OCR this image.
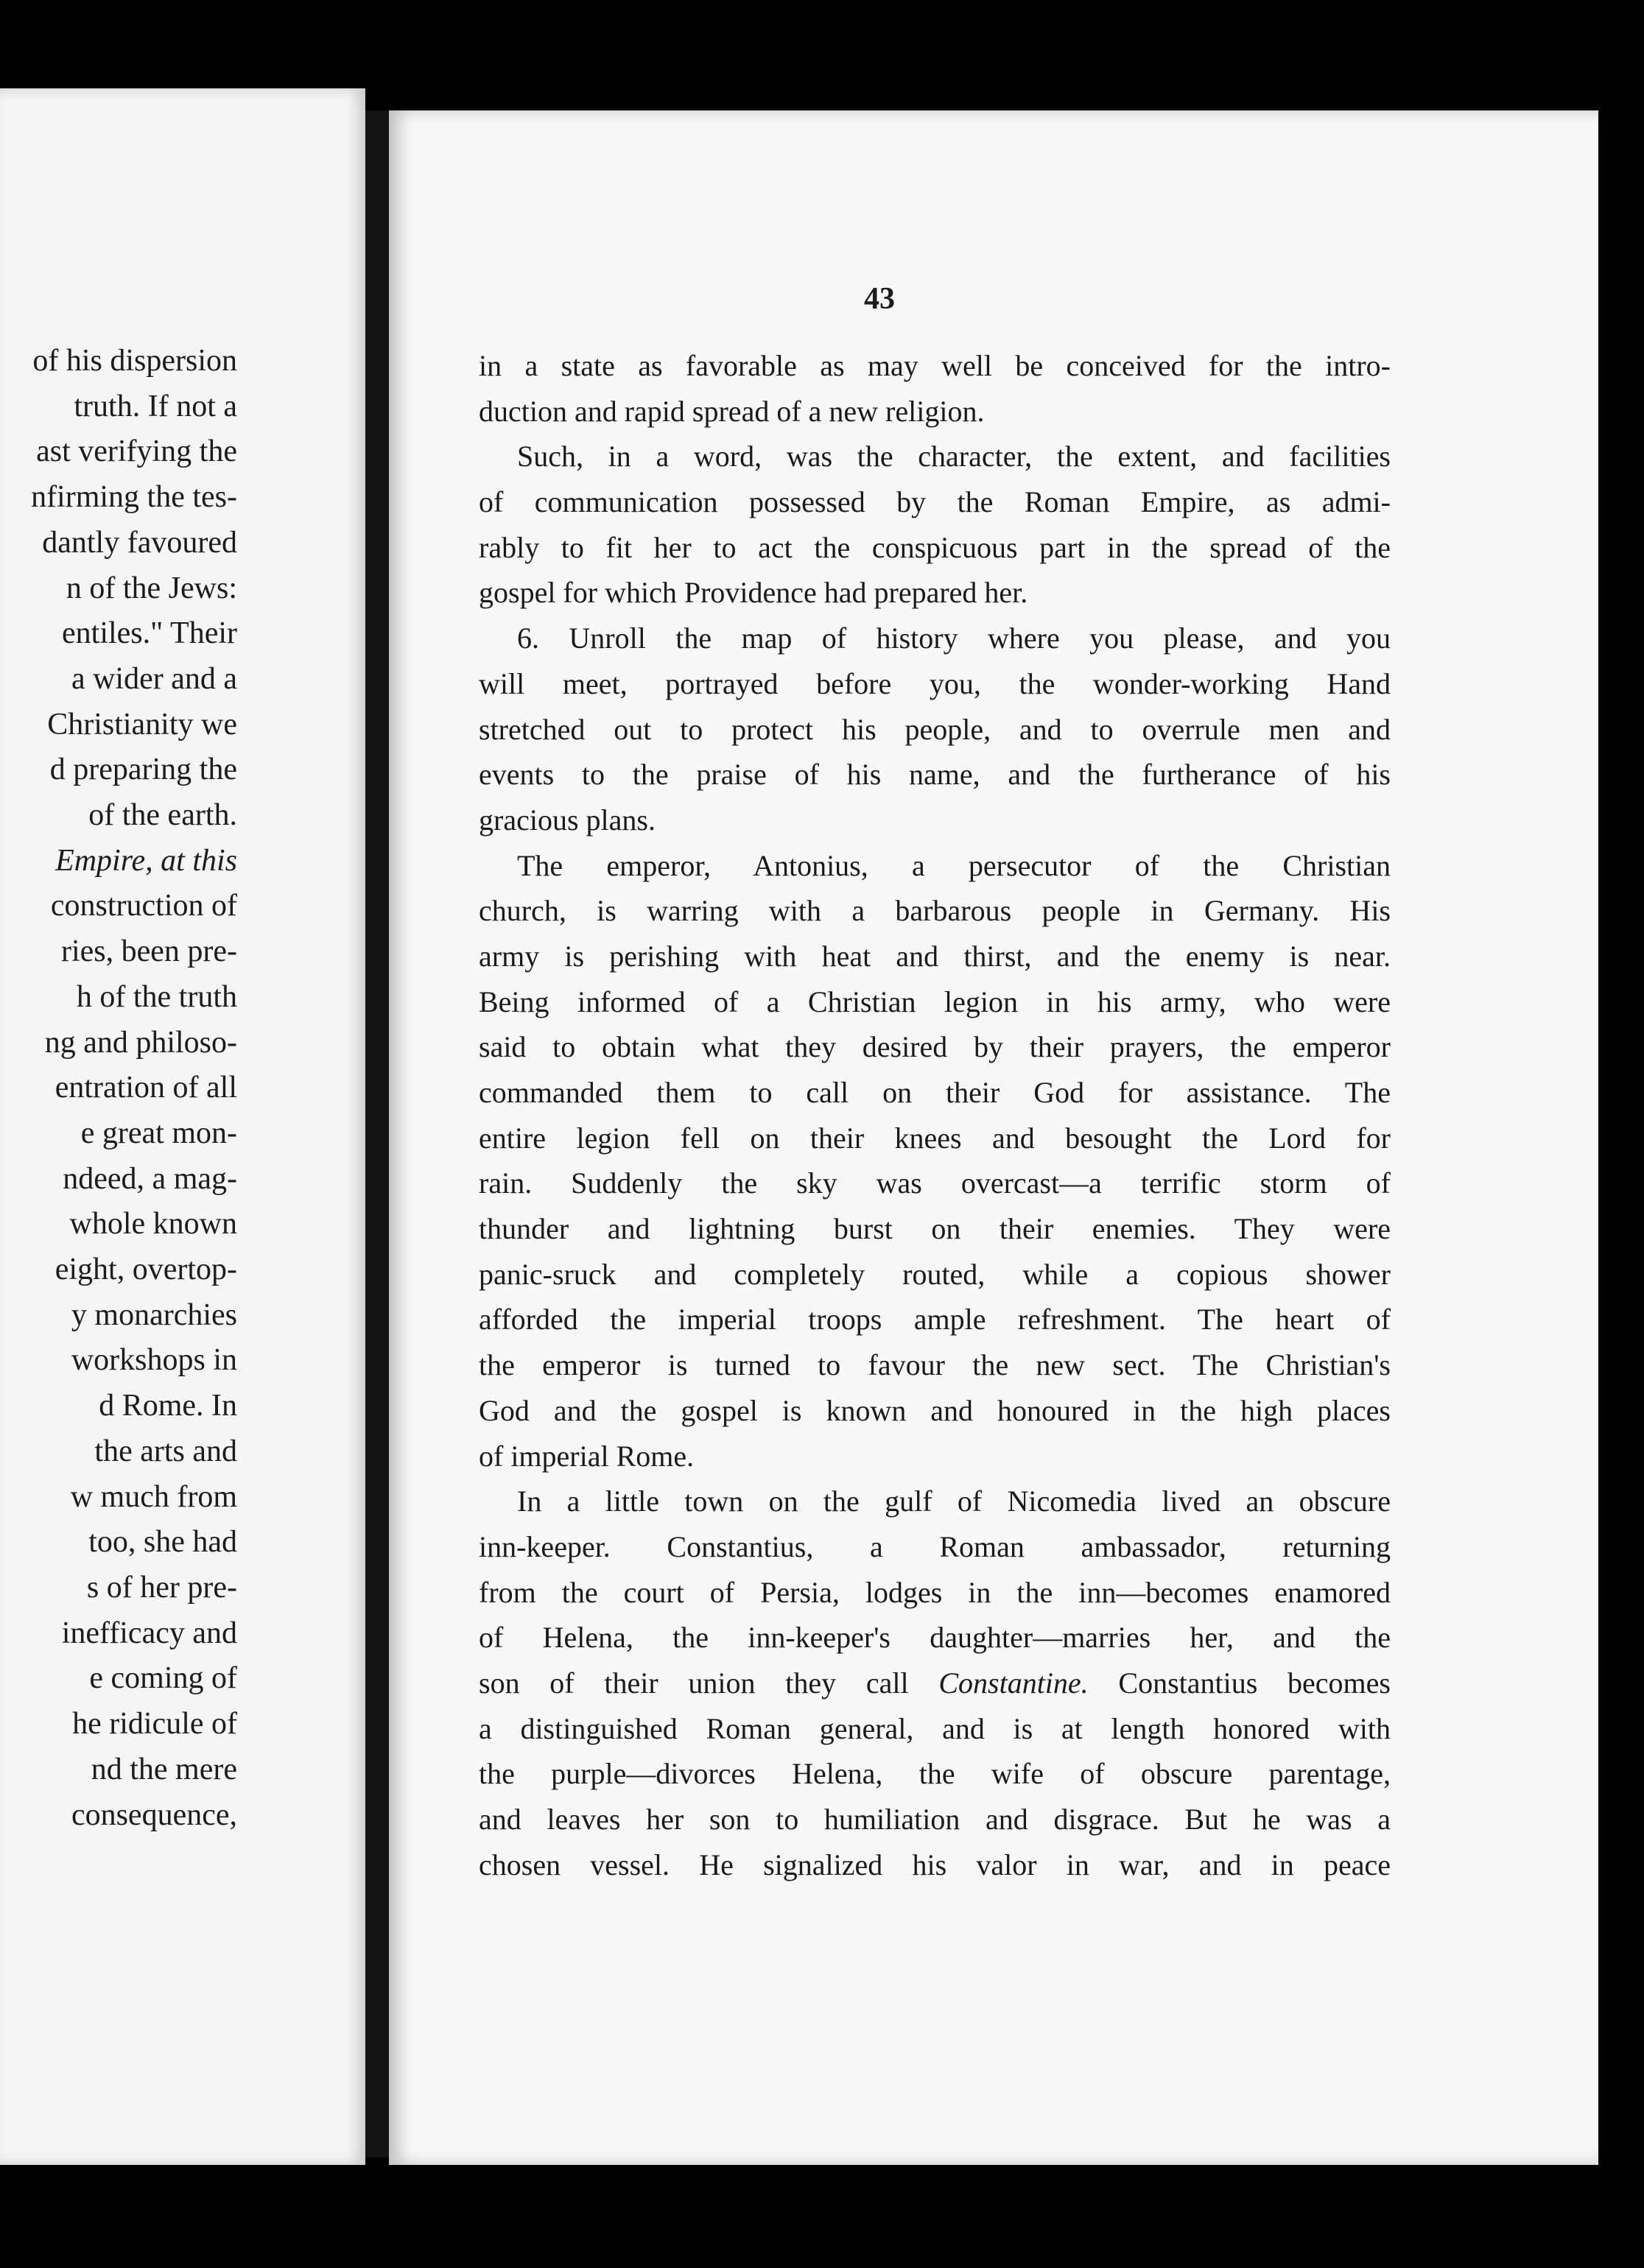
of his dispersion
truth. If not a
ast verifying the
nfirming the tes-
dantly favoured
n of the Jews:
entiles." Their
a wider and a
Christianity we
d preparing the
of the earth.
Empire, at this
construction of
ries, been pre-
h of the truth
ng and philoso-
entration of all
e great mon-
ndeed, a mag-
whole known
eight, overtop-
y monarchies
workshops in
d Rome. In
the arts and
w much from
too, she had
s of her pre-
inefficacy and
e coming of
he ridicule of
nd the mere
consequence,
43
in a state as favorable as may well be conceived for the intro-
duction and rapid spread of a new religion.
Such, in a word, was the character, the extent, and facilities
of communication possessed by the Roman Empire, as admi-
rably to fit her to act the conspicuous part in the spread of the
gospel for which Providence had prepared her.
6. Unroll the map of history where you please, and you
will meet, portrayed before you, the wonder-working Hand
stretched out to protect his people, and to overrule men and
events to the praise of his name, and the furtherance of his
gracious plans.
The emperor, Antonius, a persecutor of the Christian
church, is warring with a barbarous people in Germany. His
army is perishing with heat and thirst, and the enemy is near.
Being informed of a Christian legion in his army, who were
said to obtain what they desired by their prayers, the emperor
commanded them to call on their God for assistance. The
entire legion fell on their knees and besought the Lord for
rain. Suddenly the sky was overcast—a terrific storm of
thunder and lightning burst on their enemies. They were
panic-sruck and completely routed, while a copious shower
afforded the imperial troops ample refreshment. The heart of
the emperor is turned to favour the new sect. The Christian's
God and the gospel is known and honoured in the high places
of imperial Rome.
In a little town on the gulf of Nicomedia lived an obscure
inn-keeper. Constantius, a Roman ambassador, returning
from the court of Persia, lodges in the inn—becomes enamored
of Helena, the inn-keeper's daughter—marries her, and the
son of their union they call Constantine. Constantius becomes
a distinguished Roman general, and is at length honored with
the purple—divorces Helena, the wife of obscure parentage,
and leaves her son to humiliation and disgrace. But he was a
chosen vessel. He signalized his valor in war, and in peace
